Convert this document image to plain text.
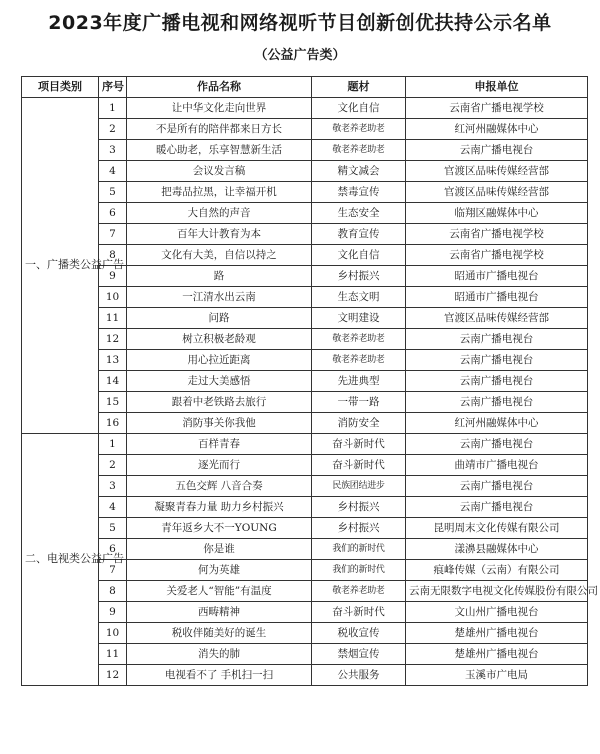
2023年度广播电视和网络视听节目创新创优扶持公示名单
（公益广告类）
项目类别	序号	作品名称	题材	申报单位
一、广播类公益广告	1	让中华文化走向世界	文化自信	云南省广播电视学校
	2	不是所有的陪伴都来日方长	敬老养老助老	红河州融媒体中心
	3	暖心助老，乐享智慧新生活	敬老养老助老	云南广播电视台
	4	会议发言稿	精文减会	官渡区品味传媒经营部
	5	把毒品拉黑，让幸福开机	禁毒宣传	官渡区品味传媒经营部
	6	大自然的声音	生态安全	临翔区融媒体中心
	7	百年大计教育为本	教育宣传	云南省广播电视学校
	8	文化有大美，自信以持之	文化自信	云南省广播电视学校
	9	路	乡村振兴	昭通市广播电视台
	10	一江清水出云南	生态文明	昭通市广播电视台
	11	问路	文明建设	官渡区品味传媒经营部
	12	树立积极老龄观	敬老养老助老	云南广播电视台
	13	用心拉近距离	敬老养老助老	云南广播电视台
	14	走过大美感悟	先进典型	云南广播电视台
	15	跟着中老铁路去旅行	一带一路	云南广播电视台
	16	消防事关你我他	消防安全	红河州融媒体中心
二、电视类公益广告	1	百样青春	奋斗新时代	云南广播电视台
	2	逐光而行	奋斗新时代	曲靖市广播电视台
	3	五色交辉 八音合奏	民族团结进步	云南广播电视台
	4	凝聚青春力量 助力乡村振兴	乡村振兴	云南广播电视台
	5	青年返乡大不一YOUNG	乡村振兴	昆明周末文化传媒有限公司
	6	你是谁	我们的新时代	漾濞县融媒体中心
	7	何为英雄	我们的新时代	痕峰传媒（云南）有限公司
	8	关爱老人“智能”有温度	敬老养老助老	云南无限数字电视文化传媒股份有限公司
	9	西畴精神	奋斗新时代	文山州广播电视台
	10	税收伴随美好的诞生	税收宣传	楚雄州广播电视台
	11	消失的肺	禁烟宣传	楚雄州广播电视台
	12	电视看不了 手机扫一扫	公共服务	玉溪市广电局
